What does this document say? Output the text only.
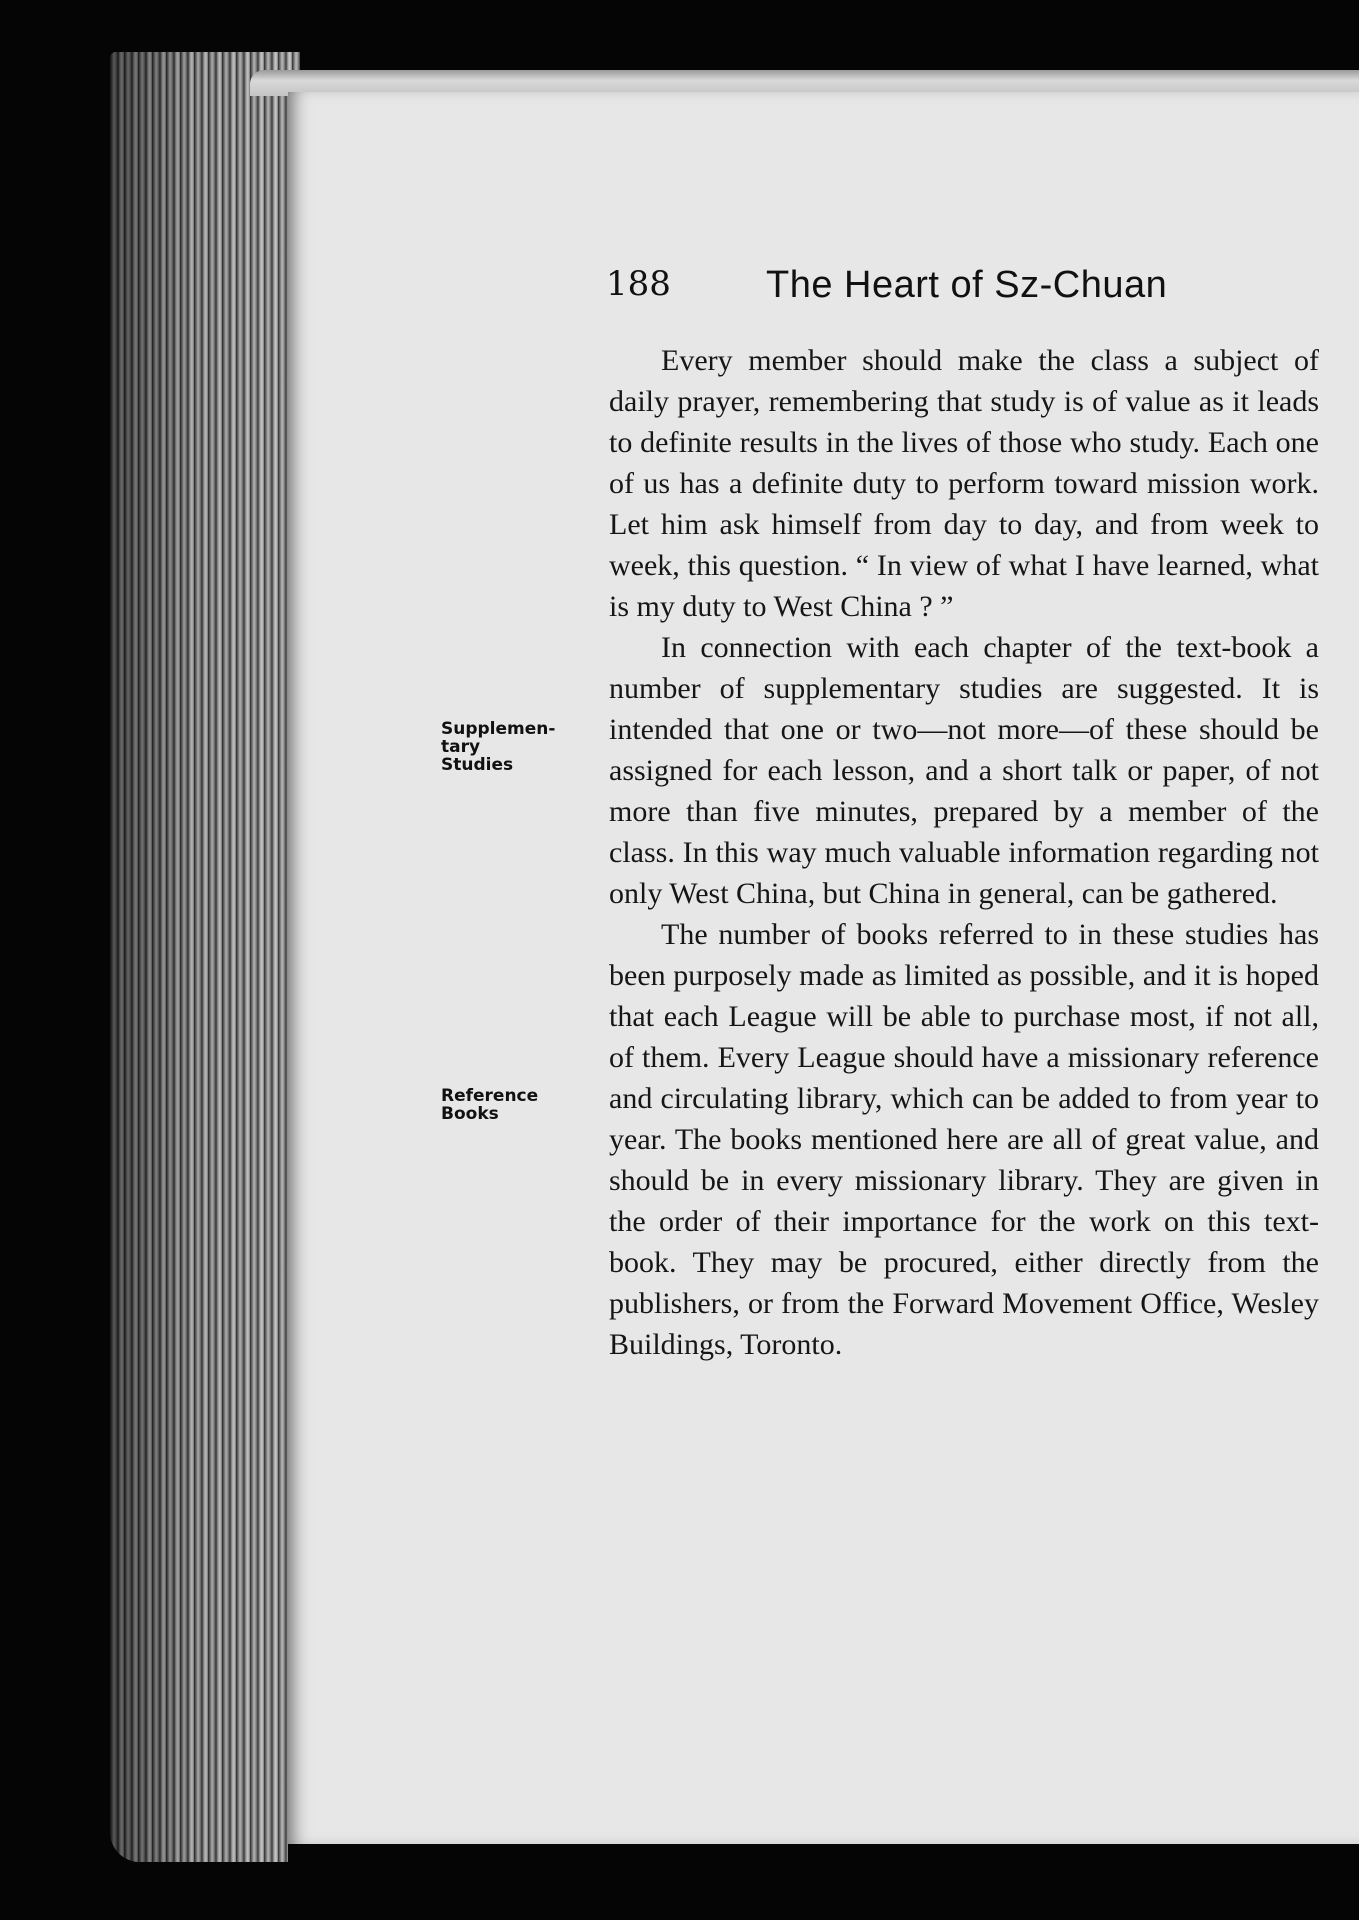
188	The Heart of Sz-Chuan
Supplemen-
tary
Studies
Reference
Books

Every member should make the class a subject of daily prayer, remembering that study is of value as it leads to definite results in the lives of those who study. Each one of us has a definite duty to perform toward mission work. Let him ask himself from day to day, and from week to week, this question. “ In view of what I have learned, what is my duty to West China ? ”

In connection with each chapter of the text-book a number of supplementary studies are suggested. It is intended that one or two—not more—of these should be assigned for each lesson, and a short talk or paper, of not more than five minutes, prepared by a member of the class. In this way much valuable information regarding not only West China, but China in general, can be gathered.

The number of books referred to in these studies has been purposely made as limited as possible, and it is hoped that each League will be able to purchase most, if not all, of them. Every League should have a missionary reference and circulating library, which can be added to from year to year. The books mentioned here are all of great value, and should be in every missionary library. They are given in the order of their importance for the work on this text-book. They may be procured, either directly from the publishers, or from the Forward Movement Office, Wesley Buildings, Toronto.
